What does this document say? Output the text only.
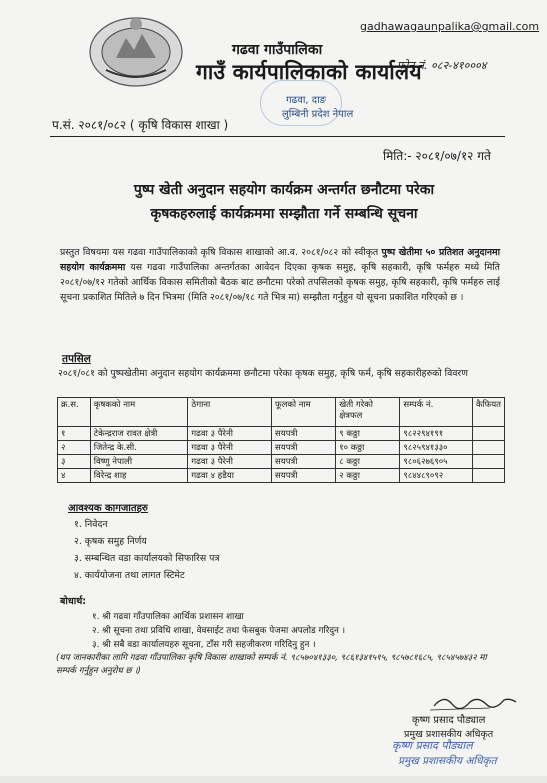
gadhawagaunpalika@gmail.com
गढवा गाउँपालिका
गाउँ कार्यपालिकाको कार्यालय
फोन नं. ०८२-४१०००४
गढवा, दाङ
लुम्बिनी प्रदेश नेपाल
प.सं. २०८१/०८२ ( कृषि विकास शाखा )
मिति:- २०८१/०७/१२ गते
पुष्प खेती अनुदान सहयोग कार्यक्रम अन्तर्गत छनौटमा परेका
कृषकहरुलाई कार्यक्रममा सम्झौता गर्ने सम्बन्धि सूचना
प्रस्तुत विषयमा यस गढवा गाउँपालिकाको कृषि विकास शाखाको आ.व. २०८१/०८२ को स्वीकृत पुष्प खेतीमा ५० प्रतिशत अनुदानमा सहयोग कार्यक्रममा यस गढवा गाउँपालिका अन्तर्गतका आवेदन दिएका कृषक समुह, कृषि सहकारी, कृषि फर्महरु मध्ये मिति २०८१/०७/१२ गतेको आर्थिक विकास समितीको बैठक बाट छनौटमा परेको तपसिलको कृषक समुह, कृषि सहकारी, कृषि फर्महरु लाई सूचना प्रकाशित मितिले ७ दिन भित्रमा (मिति २०८१/०७/१८ गते भित्र मा) सम्झौता गर्नुहुन यो सूचना प्रकाशित गरिएको छ ।
तपसिल
२०८१/०८१ को पुष्पखेतीमा अनुदान सहयोग कार्यक्रममा छनौटमा परेका कृषक समुह, कृषि फर्म, कृषि सहकारीहरुको विवरण
क्र.स.	कृषकको नाम	ठेगाना	फूलको नाम	खेती गरेको क्षेत्रफल	सम्पर्क नं.	कैफियत
१	टेकेन्द्रराज रावत क्षेत्री	गढवा ३ पैरेनी	सयपत्री	९ कठ्ठा	९८२२९४१९१	
२	जितेन्द्र के.सी.	गढवा ३ पैरेनी	सयपत्री	१० कठ्ठा	९८२५९४१३३०	
३	विष्णु नेपाली	गढवा ३ पैरेनी	सयपत्री	८ कठ्ठा	९८०६२७६९०५	
४	विरेन्द्र शाह	गढवा ४ हडैया	सयपत्री	२ कठ्ठा	९८४४८९०९२	
आवश्यक कागजातहरु
१. निवेदन
२. कृषक समुह निर्णय
३. सम्बन्धित वडा कार्यालयको सिफारिस पत्र
४. कार्ययोजना तथा लागत स्टिमेट
बोधार्थ:
१. श्री गढवा गाँउपालिका आर्थिक प्रशासन शाखा
२. श्री सूचना तथा प्रविधि शाखा, वेवसाईट तथा फेसबुक पेजमा अपलोड गरिदुन ।
३. श्री सबै वडा कार्यालयहरु सूचना, टाँस गरी सहजीकरण गरिदिनु हुन ।
(थप जानकारीका लागि गढवा गाँउपालिका कृषि विकास शाखाको सम्पर्क नं. ९८५७०४१३३०, ९८६१३४१५१५, ९८५७८१६८५, ९८५४५७४३२ मा सम्पर्क गर्नुहुन अनुरोध छ ।)
कृष्ण प्रसाद पौड्याल
प्रमुख प्रशासकीय अधिकृत
कृष्ण प्रसाद पौड्याल
प्रमुख प्रशासकीय अधिकृत
